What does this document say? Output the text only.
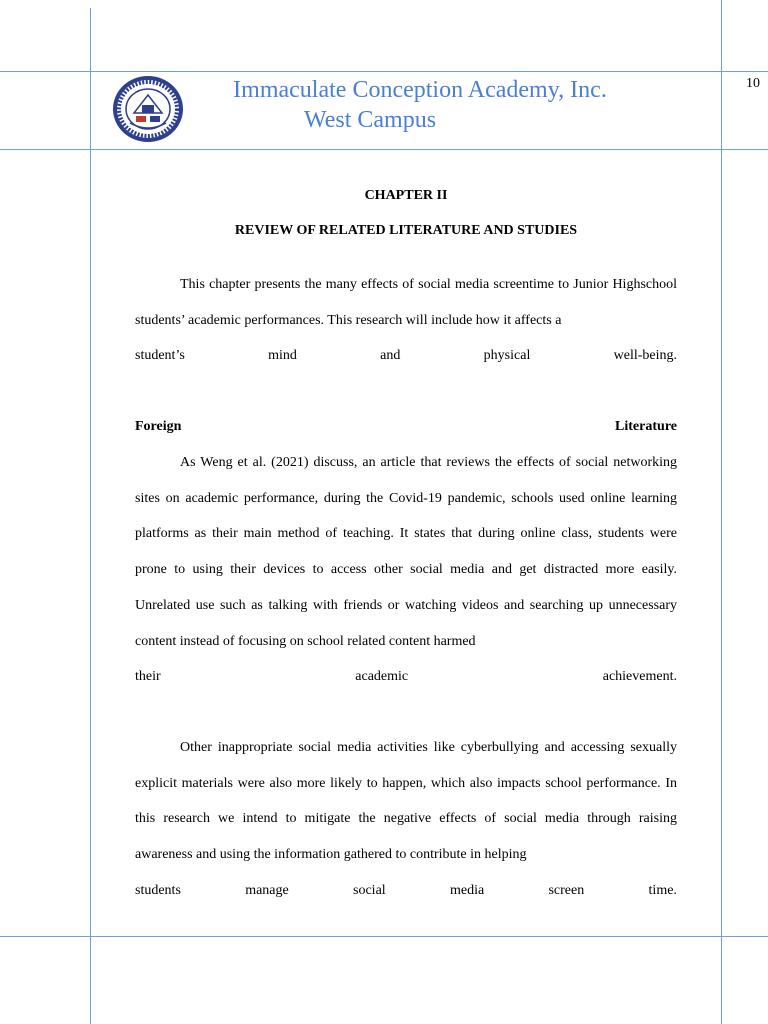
Immaculate Conception Academy, Inc.
West Campus
10
CHAPTER II
REVIEW OF RELATED LITERATURE AND STUDIES

This chapter presents the many effects of social media screentime to Junior Highschool students’ academic performances. This research will include how it affects a

student’s	mind	and	physical	well-being.
Foreign	Literature

As Weng et al. (2021) discuss, an article that reviews the effects of social networking sites on academic performance, during the Covid-19 pandemic, schools used online learning platforms as their main method of teaching. It states that during online class, students were prone to using their devices to access other social media and get distracted more easily. Unrelated use such as talking with friends or watching videos and searching up unnecessary content instead of focusing on school related content harmed

their	academic	achievement.

Other inappropriate social media activities like cyberbullying and accessing sexually explicit materials were also more likely to happen, which also impacts school performance. In this research we intend to mitigate the negative effects of social media through raising awareness and using the information gathered to contribute in helping

students	manage	social	media	screen	time.
